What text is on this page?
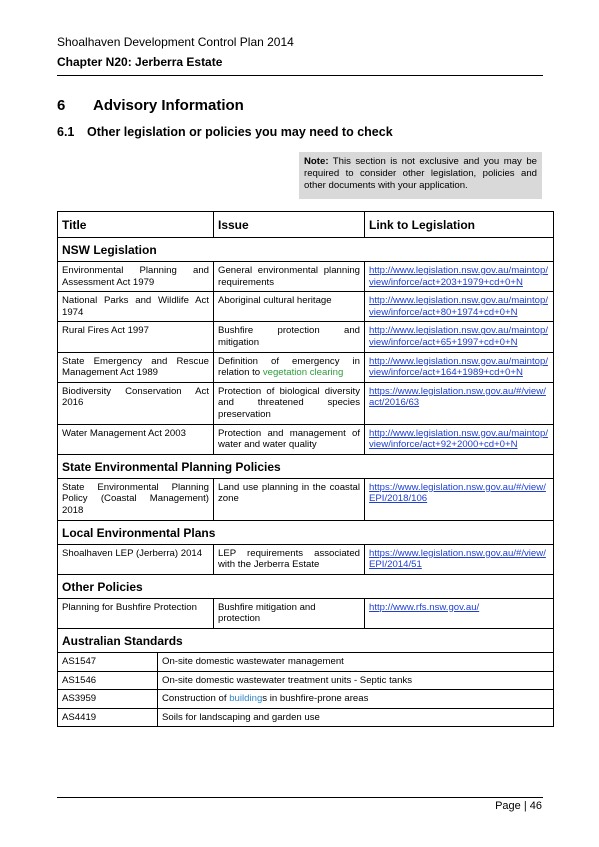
Shoalhaven Development Control Plan 2014
Chapter N20: Jerberra Estate
6 Advisory Information
6.1 Other legislation or policies you may need to check
Note: This section is not exclusive and you may be required to consider other legislation, policies and other documents with your application.
Title	Issue	Link to Legislation
NSW Legislation		
Environmental Planning and Assessment Act 1979	General environmental planning requirements	http://www.legislation.nsw.gov.au/maintop/view/inforce/act+203+1979+cd+0+N
National Parks and Wildlife Act 1974	Aboriginal cultural heritage	http://www.legislation.nsw.gov.au/maintop/view/inforce/act+80+1974+cd+0+N
Rural Fires Act 1997	Bushfire protection and mitigation	http://www.legislation.nsw.gov.au/maintop/view/inforce/act+65+1997+cd+0+N
State Emergency and Rescue Management Act 1989	Definition of emergency in relation to vegetation clearing	http://www.legislation.nsw.gov.au/maintop/view/inforce/act+164+1989+cd+0+N
Biodiversity Conservation Act 2016	Protection of biological diversity and threatened species preservation	https://www.legislation.nsw.gov.au/#/view/act/2016/63
Water Management Act 2003	Protection and management of water and water quality	http://www.legislation.nsw.gov.au/maintop/view/inforce/act+92+2000+cd+0+N
State Environmental Planning Policies		
State Environmental Planning Policy (Coastal Management) 2018	Land use planning in the coastal zone	https://www.legislation.nsw.gov.au/#/view/EPI/2018/106
Local Environmental Plans		
Shoalhaven LEP (Jerberra) 2014	LEP requirements associated with the Jerberra Estate	https://www.legislation.nsw.gov.au/#/view/EPI/2014/51
Other Policies		
Planning for Bushfire Protection	Bushfire mitigation and protection	http://www.rfs.nsw.gov.au/
Australian Standards		
AS1547	On-site domestic wastewater management
AS1546	On-site domestic wastewater treatment units - Septic tanks
AS3959	Construction of buildings in bushfire-prone areas
AS4419	Soils for landscaping and garden use
Page | 46
